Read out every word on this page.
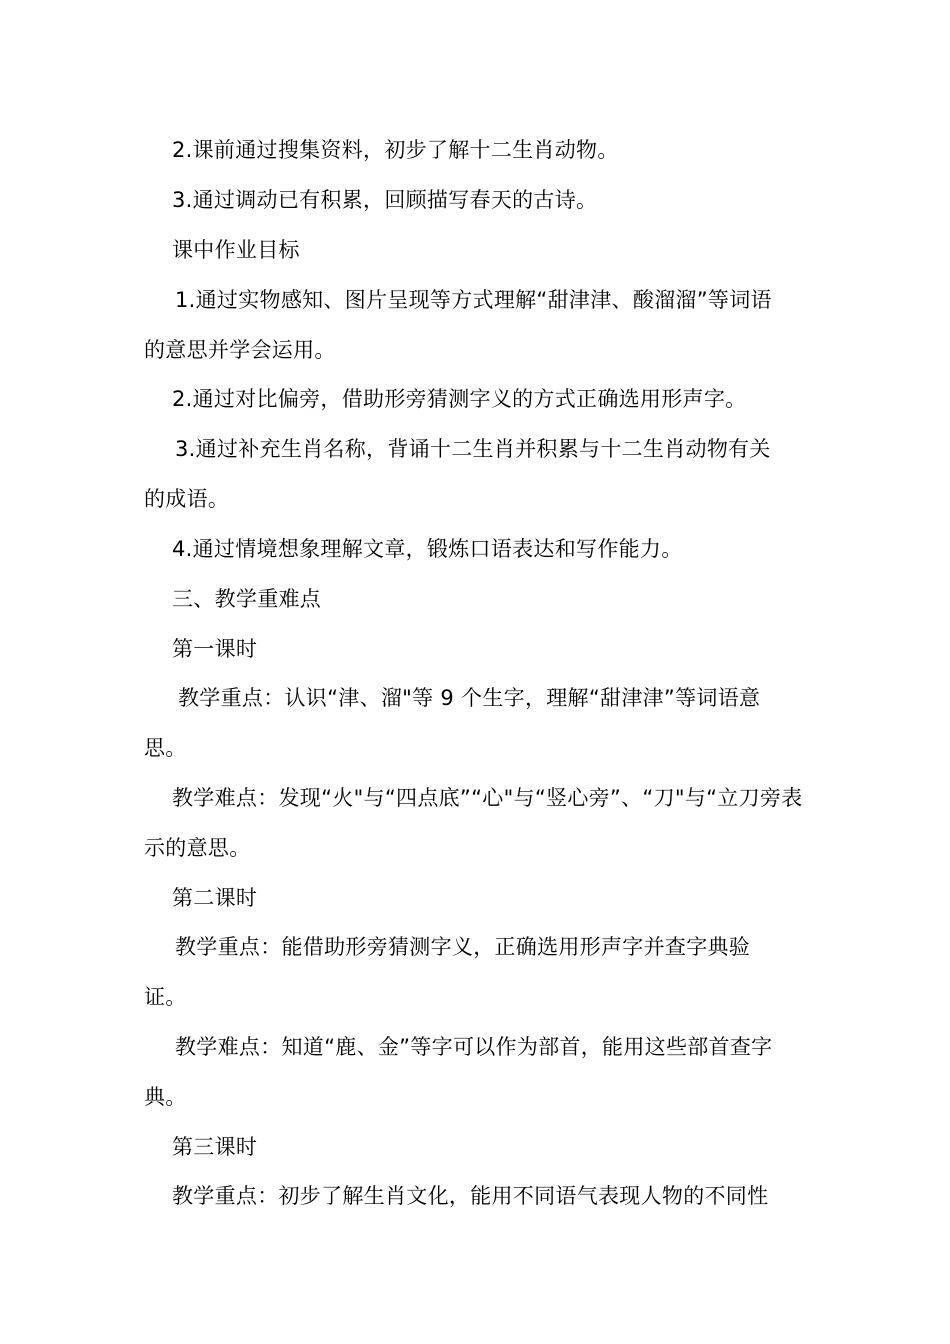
2.课前通过搜集资料，初步了解十二生肖动物。
3.通过调动已有积累，回顾描写春天的古诗。
课中作业目标
1.通过实物感知、图片呈现等方式理解“甜津津、酸溜溜”等词语
的意思并学会运用。
2.通过对比偏旁，借助形旁猜测字义的方式正确选用形声字。
3.通过补充生肖名称，背诵十二生肖并积累与十二生肖动物有关
的成语。
4.通过情境想象理解文章，锻炼口语表达和写作能力。
三、教学重难点
第一课时
教学重点：认识“津、溜"等 9 个生字，理解“甜津津”等词语意
思。
教学难点：发现“火"与“四点底”“心"与“竖心旁”、“刀"与“立刀旁表
示的意思。
第二课时
教学重点：能借助形旁猜测字义，正确选用形声字并查字典验
证。
教学难点：知道“鹿、金”等字可以作为部首，能用这些部首查字
典。
第三课时
教学重点：初步了解生肖文化，能用不同语气表现人物的不同性
